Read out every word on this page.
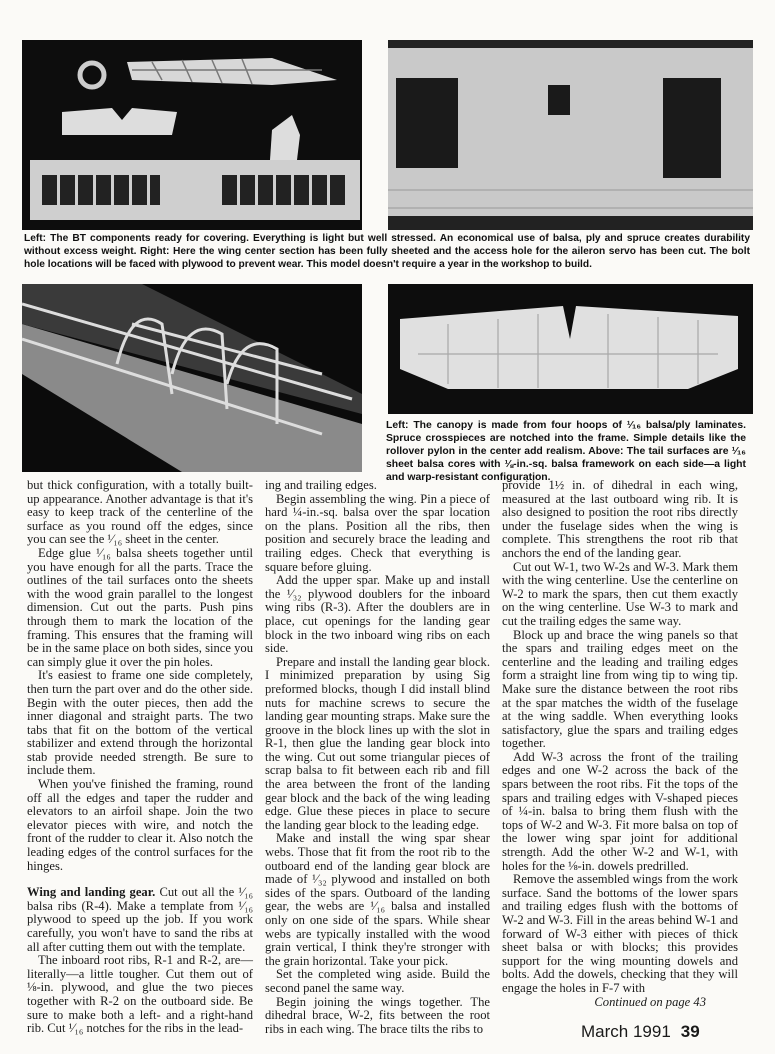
Left: The BT components ready for covering. Everything is light but well stressed. An economical use of balsa, ply and spruce creates durability without excess weight. Right: Here the wing center section has been fully sheeted and the access hole for the aileron servo has been cut. The bolt hole locations will be faced with plywood to prevent wear. This model doesn't require a year in the workshop to build.
Left: The canopy is made from four hoops of ¹⁄₁₆ balsa/ply laminates. Spruce crosspieces are notched into the frame. Simple details like the rollover pylon in the center add realism. Above: The tail surfaces are ¹⁄₁₆ sheet balsa cores with ⅛-in.-sq. balsa framework on each side—a light and warp-resistant configuration.

but thick configuration, with a totally built-up appearance. Another advantage is that it's easy to keep track of the centerline of the surface as you round off the edges, since you can see the ¹⁄₁₆ sheet in the center.

Edge glue ¹⁄₁₆ balsa sheets together until you have enough for all the parts. Trace the outlines of the tail surfaces onto the sheets with the wood grain parallel to the longest dimension. Cut out the parts. Push pins through them to mark the location of the framing. This ensures that the framing will be in the same place on both sides, since you can simply glue it over the pin holes.

It's easiest to frame one side completely, then turn the part over and do the other side. Begin with the outer pieces, then add the inner diagonal and straight parts. The two tabs that fit on the bottom of the vertical stabilizer and extend through the horizontal stab provide needed strength. Be sure to include them.

When you've finished the framing, round off all the edges and taper the rudder and elevators to an airfoil shape. Join the two elevator pieces with wire, and notch the front of the rudder to clear it. Also notch the leading edges of the control surfaces for the hinges.

Wing and landing gear. Cut out all the ¹⁄₁₆ balsa ribs (R-4). Make a template from ¹⁄₁₆ plywood to speed up the job. If you work carefully, you won't have to sand the ribs at all after cutting them out with the template.

The inboard root ribs, R-1 and R-2, are—literally—a little tougher. Cut them out of ⅛-in. plywood, and glue the two pieces together with R-2 on the outboard side. Be sure to make both a left- and a right-hand rib. Cut ¹⁄₁₆ notches for the ribs in the lead-

ing and trailing edges.

Begin assembling the wing. Pin a piece of hard ¼-in.-sq. balsa over the spar location on the plans. Position all the ribs, then position and securely brace the leading and trailing edges. Check that everything is square before gluing.

Add the upper spar. Make up and install the ¹⁄₃₂ plywood doublers for the inboard wing ribs (R-3). After the doublers are in place, cut openings for the landing gear block in the two inboard wing ribs on each side.

Prepare and install the landing gear block. I minimized preparation by using Sig preformed blocks, though I did install blind nuts for machine screws to secure the landing gear mounting straps. Make sure the groove in the block lines up with the slot in R-1, then glue the landing gear block into the wing. Cut out some triangular pieces of scrap balsa to fit between each rib and fill the area between the front of the landing gear block and the back of the wing leading edge. Glue these pieces in place to secure the landing gear block to the leading edge.

Make and install the wing spar shear webs. Those that fit from the root rib to the outboard end of the landing gear block are made of ¹⁄₃₂ plywood and installed on both sides of the spars. Outboard of the landing gear, the webs are ¹⁄₁₆ balsa and installed only on one side of the spars. While shear webs are typically installed with the wood grain vertical, I think they're stronger with the grain horizontal. Take your pick.

Set the completed wing aside. Build the second panel the same way.

Begin joining the wings together. The dihedral brace, W-2, fits between the root ribs in each wing. The brace tilts the ribs to

provide 1½ in. of dihedral in each wing, measured at the last outboard wing rib. It is also designed to position the root ribs directly under the fuselage sides when the wing is complete. This strengthens the root rib that anchors the end of the landing gear.

Cut out W-1, two W-2s and W-3. Mark them with the wing centerline. Use the centerline on W-2 to mark the spars, then cut them exactly on the wing centerline. Use W-3 to mark and cut the trailing edges the same way.

Block up and brace the wing panels so that the spars and trailing edges meet on the centerline and the leading and trailing edges form a straight line from wing tip to wing tip. Make sure the distance between the root ribs at the spar matches the width of the fuselage at the wing saddle. When everything looks satisfactory, glue the spars and trailing edges together.

Add W-3 across the front of the trailing edges and one W-2 across the back of the spars between the root ribs. Fit the tops of the spars and trailing edges with V-shaped pieces of ¼-in. balsa to bring them flush with the tops of W-2 and W-3. Fit more balsa on top of the lower wing spar joint for additional strength. Add the other W-2 and W-1, with holes for the ⅛-in. dowels predrilled.

Remove the assembled wings from the work surface. Sand the bottoms of the lower spars and trailing edges flush with the bottoms of W-2 and W-3. Fill in the areas behind W-1 and forward of W-3 either with pieces of thick sheet balsa or with blocks; this provides support for the wing mounting dowels and bolts. Add the dowels, checking that they will engage the holes in F-7 with

Continued on page 43
March 1991 39
